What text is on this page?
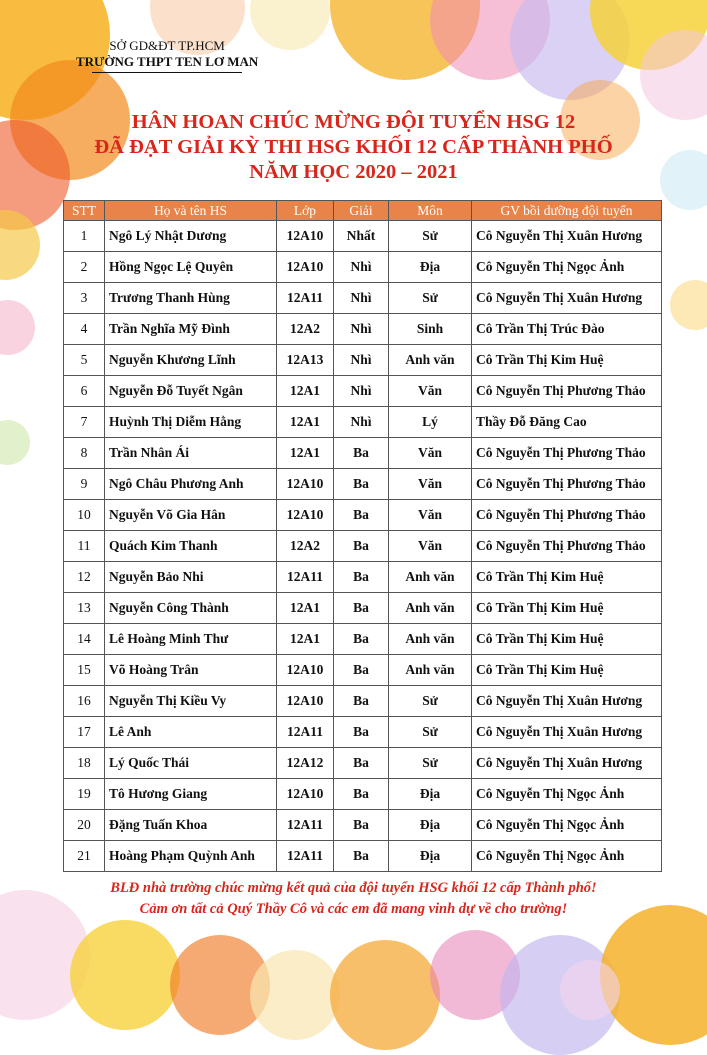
SỞ GD&ĐT TP.HCM
TRƯỜNG THPT TEN LƠ MAN
HÂN HOAN CHÚC MỪNG ĐỘI TUYỂN HSG 12
ĐÃ ĐẠT GIẢI KỲ THI HSG KHỐI 12 CẤP THÀNH PHỐ
NĂM HỌC 2020 – 2021
STT	Họ và tên HS	Lớp	Giải	Môn	GV bồi dưỡng đội tuyển
1	Ngô Lý Nhật Dương	12A10	Nhất	Sử	Cô Nguyễn Thị Xuân Hương
2	Hồng Ngọc Lệ Quyên	12A10	Nhì	Địa	Cô Nguyễn Thị Ngọc Ảnh
3	Trương Thanh Hùng	12A11	Nhì	Sử	Cô Nguyễn Thị Xuân Hương
4	Trần Nghĩa Mỹ Đình	12A2	Nhì	Sinh	Cô Trần Thị Trúc Đào
5	Nguyễn Khương Lĩnh	12A13	Nhì	Anh văn	Cô Trần Thị Kim Huệ
6	Nguyễn Đỗ Tuyết Ngân	12A1	Nhì	Văn	Cô Nguyễn Thị Phương Thảo
7	Huỳnh Thị Diễm Hằng	12A1	Nhì	Lý	Thầy Đỗ Đăng Cao
8	Trần Nhân Ái	12A1	Ba	Văn	Cô Nguyễn Thị Phương Thảo
9	Ngô Châu Phương Anh	12A10	Ba	Văn	Cô Nguyễn Thị Phương Thảo
10	Nguyễn Võ Gia Hân	12A10	Ba	Văn	Cô Nguyễn Thị Phương Thảo
11	Quách Kim Thanh	12A2	Ba	Văn	Cô Nguyễn Thị Phương Thảo
12	Nguyễn Bảo Nhi	12A11	Ba	Anh văn	Cô Trần Thị Kim Huệ
13	Nguyễn Công Thành	12A1	Ba	Anh văn	Cô Trần Thị Kim Huệ
14	Lê Hoàng Minh Thư	12A1	Ba	Anh văn	Cô Trần Thị Kim Huệ
15	Võ Hoàng Trân	12A10	Ba	Anh văn	Cô Trần Thị Kim Huệ
16	Nguyễn Thị Kiều Vy	12A10	Ba	Sử	Cô Nguyễn Thị Xuân Hương
17	Lê Anh	12A11	Ba	Sử	Cô Nguyễn Thị Xuân Hương
18	Lý Quốc Thái	12A12	Ba	Sử	Cô Nguyễn Thị Xuân Hương
19	Tô Hương Giang	12A10	Ba	Địa	Cô Nguyễn Thị Ngọc Ảnh
20	Đặng Tuấn Khoa	12A11	Ba	Địa	Cô Nguyễn Thị Ngọc Ảnh
21	Hoàng Phạm Quỳnh Anh	12A11	Ba	Địa	Cô Nguyễn Thị Ngọc Ảnh
BLĐ nhà trường chúc mừng kết quả của đội tuyển HSG khối 12 cấp Thành phố!
Cảm ơn tất cả Quý Thầy Cô và các em đã mang vinh dự về cho trường!
